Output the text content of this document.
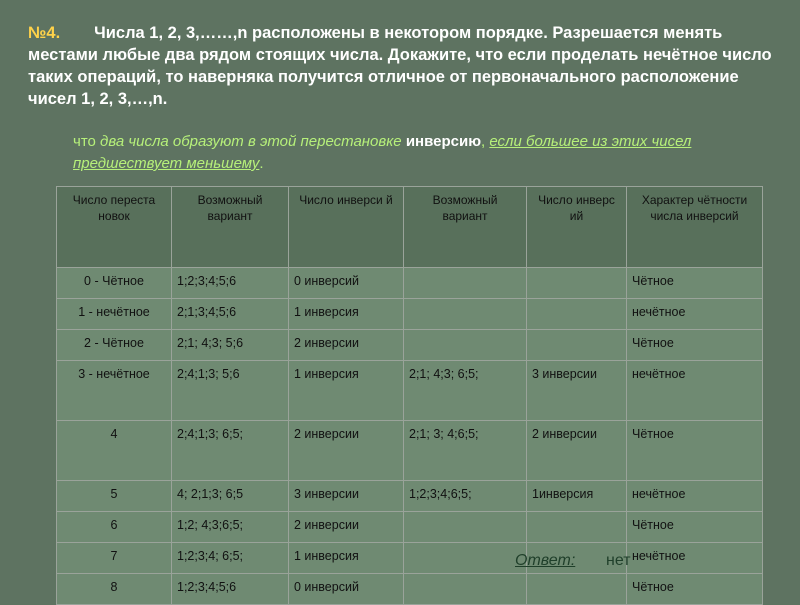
№4. Числа 1, 2, 3,……,n расположены в некотором порядке. Разрешается менять местами любые два рядом стоящих числа. Докажите, что если проделать нечётное число таких операций, то наверняка получится отличное от первоначального расположение чисел 1, 2, 3,…,n.
что два числа образуют в этой перестановке инверсию, если большее из этих чисел предшествует меньшему.
Число переста новок	Возможный вариант	Число инверси й	Возможный вариант	Число инверс ий	Характер чётности числа инверсий
0 - Чётное	1;2;3;4;5;6	0 инверсий			Чётное
1 - нечётное	2;1;3;4;5;6	1 инверсия			нечётное
2 - Чётное	2;1; 4;3; 5;6	2 инверсии			Чётное
3 - нечётное	2;4;1;3; 5;6	1 инверсия	2;1; 4;3; 6;5;	3 инверсии	нечётное
4	2;4;1;3; 6;5;	2 инверсии	2;1; 3; 4;6;5;	2 инверсии	Чётное
5	4; 2;1;3; 6;5	3 инверсии	1;2;3;4;6;5;	1инверсия	нечётное
6	1;2; 4;3;6;5;	2 инверсии			Чётное
7	1;2;3;4; 6;5;	1 инверсия			нечётное
8	1;2;3;4;5;6	0 инверсий			Чётное
Ответ: нет
